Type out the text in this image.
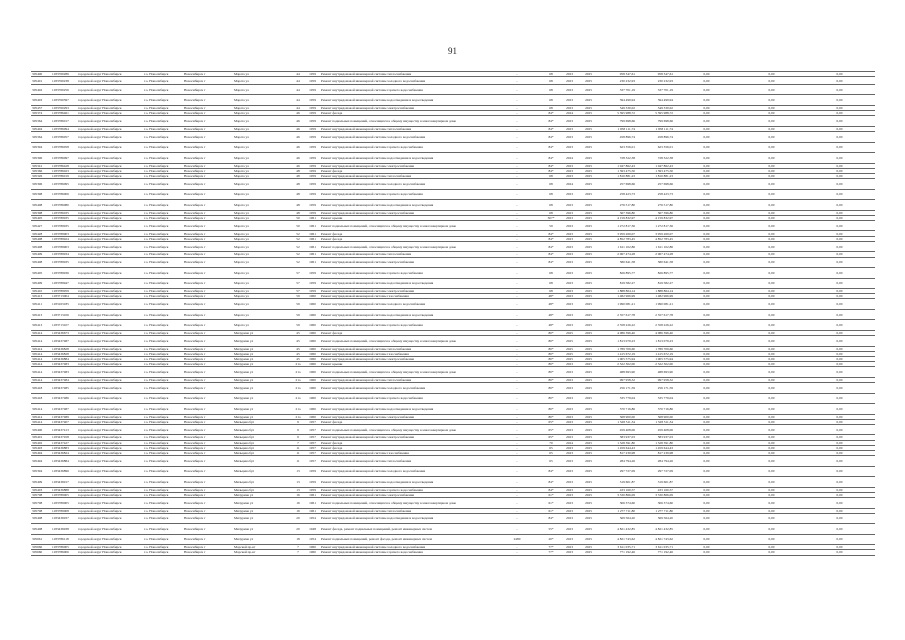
91
305400	1183760286	городской округ Новосибирск	г.о. Новосибирск	Новосибирск г	Марата ул	44	1959	Ремонт внутридомовой инженерной системы теплоснабжения	-	68	2023	2025	958 347,61	958 347,61	0,00	0,00	0,00
305401	1183760238	городской округ Новосибирск	г.о. Новосибирск	Новосибирск г	Марата ул	44	1959	Ремонт внутридомовой инженерной системы холодного водоснабжения	-	68	2023	2025	230 232,93	230 232,93	0,00	0,00	0,00
305402	1183760256	городской округ Новосибирск	г.о. Новосибирск	Новосибирск г	Марата ул	44	1959	Ремонт внутридомовой инженерной системы горячего водоснабжения	-	68	2023	2025	337 701,19	337 701,19	0,00	0,00	0,00
305403	1183760397	городской округ Новосибирск	г.о. Новосибирск	Новосибирск г	Марата ул	44	1959	Ремонт внутридомовой инженерной системы водоотведения и водоотведения	-	68	2023	2025	394 499,94	394 499,94	0,00	0,00	0,00
305437	1183760293	городской округ Новосибирск	г.о. Новосибирск	Новосибирск г	Марата ул	44	1959	Ремонт внутридомовой инженерной системы электроснабжения	-	68	2023	2025	549 330,02	549 330,02	0,00	0,00	0,00
305374	1183786461	городской округ Новосибирск	г.о. Новосибирск	Новосибирск г	Марата ул	46	1959	Ремонт фасада	-	84*	2024	2025	5 395 988,72	5 395 988,72	0,00	0,00	0,00
305364	1183786017	городской округ Новосибирск	г.о. Новосибирск	Новосибирск г	Марата ул	46	1959	Ремонт подвальных помещений, относящихся к общему имуществу в многоквартирном доме	-	84*	2023	2025	799 698,66	799 698,66	0,00	0,00	0,00
305404	1183786094	городской округ Новосибирск	г.о. Новосибирск	Новосибирск г	Марата ул	46	1959	Ремонт внутридомовой инженерной системы теплоснабжения	-	84*	2023	2025	1 958 111,74	1 958 111,74	0,00	0,00	0,00
305364	1183786057	городской округ Новосибирск	г.о. Новосибирск	Новосибирск г	Марата ул	46	1959	Ремонт внутридомовой инженерной системы холодного водоснабжения	-	84*	2023	2025	458 896,74	458 896,74	0,00	0,00	0,00
305394	1183786058	городской округ Новосибирск	г.о. Новосибирск	Новосибирск г	Марата ул	46	1959	Ремонт внутридомовой инженерной системы горячего водоснабжения	-	84*	2023	2025	623 356,01	623 356,01	0,00	0,00	0,00
305396	1183786097	городской округ Новосибирск	г.о. Новосибирск	Новосибирск г	Марата ул	46	1959	Ремонт внутридомовой инженерной системы водоотведения и водоотведения	-	84*	2024	2025	728 322,38	728 322,38	0,00	0,00	0,00
305341	1183786428	городской округ Новосибирск	г.о. Новосибирск	Новосибирск г	Марата ул	46	1959	Ремонт внутридомовой инженерной системы электроснабжения	-	84*	2023	2025	1 047 862,43	1 047 862,43	0,00	0,00	0,00
305366	1183786023	городской округ Новосибирск	г.о. Новосибирск	Новосибирск г	Марата ул	48	1959	Ремонт фасада	-	84*	2023	2025	1 393 475,50	1 393 475,50	0,00	0,00	0,00
305326	1183786019	городской округ Новосибирск	г.о. Новосибирск	Новосибирск г	Марата ул	48	1959	Ремонт внутридомовой инженерной системы теплоснабжения	-	68	2023	2025	1 810 881,23	1 810 881,23	0,00	0,00	0,00
305396	1183786095	городской округ Новосибирск	г.о. Новосибирск	Новосибирск г	Марата ул	48	1959	Ремонт внутридомовой инженерной системы холодного водоснабжения	-	68	2024	2025	257 698,66	257 698,66	0,00	0,00	0,00
305398	1183786006	городской округ Новосибирск	г.о. Новосибирск	Новосибирск г	Марата ул	48	1959	Ремонт внутридомовой инженерной системы горячего водоснабжения	-	68	2023	2025	258 423,73	258 423,73	0,00	0,00	0,00
305408	1183786080	городской округ Новосибирск	г.о. Новосибирск	Новосибирск г	Марата ул	48	1959	Ремонт внутридомовой инженерной системы водоотведения и водоотведения	-	68	2023	2025	276 517,80	276 517,80	0,00	0,00	0,00
305398	1183786035	городской округ Новосибирск	г.о. Новосибирск	Новосибирск г	Марата ул	48	1959	Ремонт внутридомовой инженерной системы электроснабжения	-	68	2023	2025	367 396,80	367 396,80	0,00	0,00	0,00
305405	1183789935	городской округ Новосибирск	г.о. Новосибирск	Новосибирск г	Марата ул	50	1961	Ремонт крыши	-	307*	2023	2025	4 159 832,97	4 159 832,97	0,00	0,00	0,00
305427	1183789935	городской округ Новосибирск	г.о. Новосибирск	Новосибирск г	Марата ул	50	1961	Ремонт подвальных помещений, относящихся к общему имуществу в многоквартирном доме	-	59	2023	2025	1 272 817,36	1 272 817,36	0,00	0,00	0,00
305428	1183789903	городской округ Новосибирск	г.о. Новосибирск	Новосибирск г	Марата ул	52	1961	Ремонт фасада	-	84*	2023	2025	3 959 269,07	3 959 269,07	0,00	0,00	0,00
305408	1183789924	городской округ Новосибирск	г.о. Новосибирск	Новосибирск г	Марата ул	52	1961	Ремонт фасада	-	84*	2023	2025	4 852 783,45	4 852 783,45	0,00	0,00	0,00
305408	1183789903	городской округ Новосибирск	г.о. Новосибирск	Новосибирск г	Марата ул	52	1961	Ремонт подвальных помещений, относящихся к общему имуществу в многоквартирном доме	-	84*	2023	2025	1 611 102,86	1 611 102,86	0,00	0,00	0,00
305409	1183789934	городской округ Новосибирск	г.о. Новосибирск	Новосибирск г	Марата ул	52	1961	Ремонт внутридомовой инженерной системы теплоснабжения	-	84*	2023	2025	2 067 474,28	2 067 474,28	0,00	0,00	0,00
305408	1183789935	городской округ Новосибирск	г.о. Новосибирск	Новосибирск г	Марата ул	52	1961	Ремонт внутридомовой инженерной системы электроснабжения	-	84*	2023	2025	580 641,58	580 641,58	0,00	0,00	0,00
305405	1183789936	городской округ Новосибирск	г.о. Новосибирск	Новосибирск г	Марата ул	57	1959	Ремонт внутридомовой инженерной системы горячего водоснабжения	-	68	2023	2025	826 895,77	826 895,77	0,00	0,00	0,00
305409	1183789947	городской округ Новосибирск	г.о. Новосибирск	Новосибирск г	Марата ул	57	1959	Ремонт внутридомовой инженерной системы водоотведения и водоотведения	-	68	2023	2025	819 582,27	819 582,27	0,00	0,00	0,00
305410	1183789959	городской округ Новосибирск	г.о. Новосибирск	Новосибирск г	Марата ул	57	1959	Ремонт внутридомовой инженерной системы электроснабжения	-	68	2023	2025	1 888 864,14	1 888 864,14	0,00	0,00	0,00
305413	1183713004	городской округ Новосибирск	г.о. Новосибирск	Новосибирск г	Марата ул	59	1960	Ремонт внутридомовой инженерной системы газоснабжения	-	48*	2023	2025	1 482 966,99	1 482 966,99	0,00	0,00	0,00
305411	1183163185	городской округ Новосибирск	г.о. Новосибирск	Новосибирск г	Марата ул	59	1960	Ремонт внутридомовой инженерной системы холодного водоснабжения	-	48*	2023	2025	1 990 081,21	1 990 081,21	0,00	0,00	0,00
305413	1183713106	городской округ Новосибирск	г.о. Новосибирск	Новосибирск г	Марата ул	59	1960	Ремонт внутридомовой инженерной системы водоотведения и водоотведения	-	48*	2023	2025	2 357 617,78	2 357 617,78	0,00	0,00	0,00
305413	1183713107	городской округ Новосибирск	г.о. Новосибирск	Новосибирск г	Марата ул	59	1960	Ремонт внутридомовой инженерной системы горячего водоснабжения	-	48*	2023	2025	2 358 226,22	2 358 226,22	0,00	0,00	0,00
305414	1183436673	городской округ Новосибирск	г.о. Новосибирск	Новосибирск г	Мичурина ул	45	1960	Ремонт фасада	-	80*	2025	2025	4 086 396,40	4 086 396,40	0,00	0,00	0,00
305414	1183437487	городской округ Новосибирск	г.о. Новосибирск	Новосибирск г	Мичурина ул	45	1960	Ремонт подвальных помещений, относящихся к общему имуществу в многоквартирном доме	-	80*	2025	2025	1 813 079,23	1 813 079,23	0,00	0,00	0,00
305414	1183436828	городской округ Новосибирск	г.о. Новосибирск	Новосибирск г	Мичурина ул	45	1960	Ремонт внутридомовой инженерной системы теплоснабжения	-	80*	2025	2025	1 789 709,60	1 789 709,60	0,00	0,00	0,00
305414	1183436828	городской округ Новосибирск	г.о. Новосибирск	Новосибирск г	Мичурина ул	45	1960	Ремонт внутридомовой инженерной системы газоснабжения	-	80*	2025	2025	1 415 672,19	1 415 672,19	0,00	0,00	0,00
305414	1183436884	городской округ Новосибирск	г.о. Новосибирск	Новосибирск г	Мичурина ул	45	1960	Ремонт внутридомовой инженерной системы электроснабжения	-	80*	2025	2025	1 005 575,94	1 005 575,94	0,00	0,00	0,00
305414	1183437483	городской округ Новосибирск	г.о. Новосибирск	Новосибирск г	Мичурина ул	21а	1960	Ремонт крыши	-	80*	2023	2025	2 322 302,00	2 322 302,00	0,00	0,00	0,00
305414	1183437483	городской округ Новосибирск	г.о. Новосибирск	Новосибирск г	Мичурина ул	21а	1960	Ремонт подвальных помещений, относящихся к общему имуществу в многоквартирном доме	-	80*	2023	2025	488 693,90	488 693,90	0,00	0,00	0,00
305414	1183437484	городской округ Новосибирск	г.о. Новосибирск	Новосибирск г	Мичурина ул	21а	1960	Ремонт внутридомовой инженерной системы теплоснабжения	-	80*	2023	2025	997 958,32	997 958,32	0,00	0,00	0,00
305418	1183437485	городской округ Новосибирск	г.о. Новосибирск	Новосибирск г	Мичурина ул	21а	1960	Ремонт внутридомовой инженерной системы холодного водоснабжения	-	80*	2023	2025	256 171,59	256 171,59	0,00	0,00	0,00
305418	1183437486	городской округ Новосибирск	г.о. Новосибирск	Новосибирск г	Мичурина ул	21а	1960	Ремонт внутридомовой инженерной системы горячего водоснабжения	-	80*	2023	2025	335 779,04	335 779,04	0,00	0,00	0,00
305414	1183437487	городской округ Новосибирск	г.о. Новосибирск	Новосибирск г	Мичурина ул	21а	1960	Ремонт внутридомовой инженерной системы водоотведения и водоотведения	-	80*	2023	2025	370 716,86	370 716,86	0,00	0,00	0,00
305414	1183437489	городской округ Новосибирск	г.о. Новосибирск	Новосибирск г	Мичурина ул	21а	1960	Ремонт внутридомовой инженерной системы электроснабжения	-	80*	2023	2025	568 900,00	568 900,00	0,00	0,00	0,00
305414	1183437407	городской округ Новосибирск	г.о. Новосибирск	Новосибирск г	Мильцева бул	9	1957	Ремонт фасада	-	65*	2023	2025	1 528 311,34	1 528 311,34	0,00	0,00	0,00
305400	1183437413	городской округ Новосибирск	г.о. Новосибирск	Новосибирск г	Мильцева бул	9	1957	Ремонт подвальных помещений, относящихся к общему имуществу в многоквартирном доме	-	65*	2023	2025	459 408,06	459 408,06	0,00	0,00	0,00
305401	1183437458	городской округ Новосибирск	г.о. Новосибирск	Новосибирск г	Мильцева бул	9	1957	Ремонт внутридомовой инженерной системы электроснабжения	-	65*	2023	2025	583 937,03	583 937,03	0,00	0,00	0,00
305402	1183437427	городской округ Новосибирск	г.о. Новосибирск	Новосибирск г	Мильцева бул	7	1957	Ремонт фасада	-	70	2024	2025	1 328 391,80	1 328 391,80	0,00	0,00	0,00
305493	1183436883	городской округ Новосибирск	г.о. Новосибирск	Новосибирск г	Мильцева бул	11	1957	Ремонт фасада	-	65	2023	2025	1 459 644,43	1 459 644,43	0,00	0,00	0,00
305494	1183436824	городской округ Новосибирск	г.о. Новосибирск	Новосибирск г	Мильцева бул	11	1957	Ремонт внутридомовой инженерной системы газоснабжения	-	65	2023	2025	817 239,98	817 239,98	0,00	0,00	0,00
305494	1183436884	городской округ Новосибирск	г.о. Новосибирск	Новосибирск г	Мильцева бул	11	1957	Ремонт внутридомовой инженерной системы теплоснабжения	-	65	2023	2025	284 794,26	284 794,26	0,00	0,00	0,00
305394	1183436896	городской округ Новосибирск	г.о. Новосибирск	Новосибирск г	Мильцева бул	13	1959	Ремонт внутридомовой инженерной системы холодного водоснабжения	-	84*	2023	2025	297 727,09	297 727,09	0,00	0,00	0,00
305409	1183436917	городской округ Новосибирск	г.о. Новосибирск	Новосибирск г	Мильцева бул	13	1959	Ремонт внутридомовой инженерной системы водоотведения и водоотведения	-	84*	2023	2025	319 601,87	319 601,87	0,00	0,00	0,00
305403	1183436888	городской округ Новосибирск	г.о. Новосибирск	Новосибирск г	Мильцева бул	13	1959	Ремонт внутридомовой инженерной системы горячего водоснабжения	-	84*	2023	2025	433 160,57	433 160,57	0,00	0,00	0,00
305708	1183789005	городской округ Новосибирск	г.о. Новосибирск	Новосибирск г	Мичурина ул	16	1961	Ремонт внутридомовой инженерной системы электроснабжения	-	61*	2023	2025	3 330 866,09	3 330 866,09	0,00	0,00	0,00
305708	1183789005	городской округ Новосибирск	г.о. Новосибирск	Новосибирск г	Мичурина ул	16	1961	Ремонт подвальных помещений, относящихся к общему имуществу в многоквартирном доме	-	61*	2023	2025	306 374,60	306 374,60	0,00	0,00	0,00
305708	1183789008	городской округ Новосибирск	г.о. Новосибирск	Новосибирск г	Мичурина ул	16	1961	Ремонт внутридомовой инженерной системы теплоснабжения	-	61*	2023	2025	1 277 711,80	1 277 711,80	0,00	0,00	0,00
305408	1183436937	городской округ Новосибирск	г.о. Новосибирск	Новосибирск г	Мичурина ул	20	1954	Ремонт внутридомовой инженерной системы водоотведения и водоотведения	-	84*	2023	2025	569 564,20	569 564,20	0,00	0,00	0,00
305408	1183436938	городской округ Новосибирск	г.о. Новосибирск	Новосибирск г	Мичурина ул	20	1948	Ремонт фасада, ремонт подвальных помещений, ремонт инженерных систем	-	55*	2023	2025	4 821 432,85	4 821 432,85	0,00	0,00	0,00
305661	1183786118	городской округ Новосибирск	г.о. Новосибирск	Новосибирск г	Мичурина ул	18	1954	Ремонт подвальных помещений, ремонт фасада, ремонт инженерных систем	2480	20*	2023	2025	4 821 743,62	4 821 743,62	0,00	0,00	0,00
305660	1183786005	городской округ Новосибирск	г.о. Новосибирск	Новосибирск г	Морской пр-кт	7	1960	Ремонт внутридомовой инженерной системы холодного водоснабжения	-	77*	2023	2025	3 611 035,71	3 611 035,71	0,00	0,00	0,00
305660	1183786006	городской округ Новосибирск	г.о. Новосибирск	Новосибирск г	Морской пр-кт	7	1960	Ремонт внутридомовой инженерной системы горячего водоснабжения	-	77*	2023	2025	771 192,46	771 192,46	0,00	0,00	0,00
